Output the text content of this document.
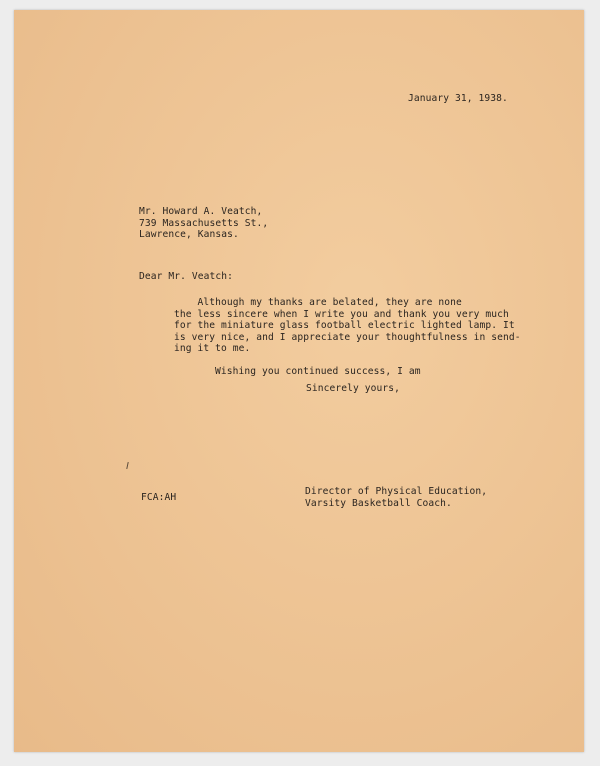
January 31, 1938.
Mr. Howard A. Veatch,
739 Massachusetts St.,
Lawrence, Kansas.
Dear Mr. Veatch:
Although my thanks are belated, they are none
the less sincere when I write you and thank you very much
for the miniature glass football electric lighted lamp. It
is very nice, and I appreciate your thoughtfulness in send-
ing it to me.
Wishing you continued success, I am
Sincerely yours,
FCA:AH
Director of Physical Education,
Varsity Basketball Coach.
